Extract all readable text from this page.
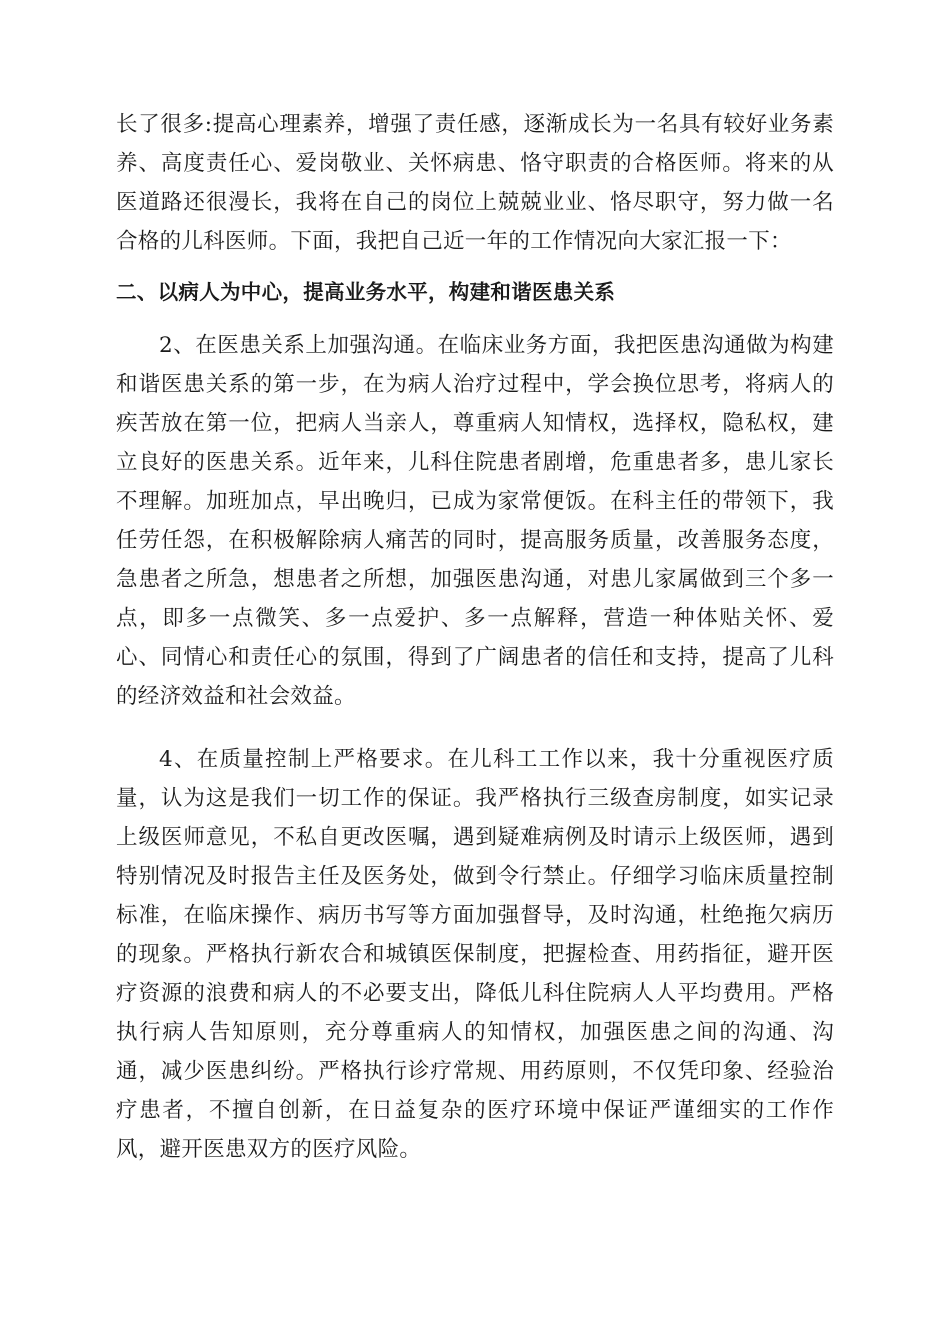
长了很多:提高心理素养，增强了责任感，逐渐成长为一名具有较好业务素养、高度责任心、爱岗敬业、关怀病患、恪守职责的合格医师。将来的从医道路还很漫长，我将在自己的岗位上兢兢业业、恪尽职守，努力做一名合格的儿科医师。下面，我把自己近一年的工作情况向大家汇报一下：

二、以病人为中心，提高业务水平，构建和谐医患关系

2、在医患关系上加强沟通。在临床业务方面，我把医患沟通做为构建和谐医患关系的第一步，在为病人治疗过程中，学会换位思考，将病人的疾苦放在第一位，把病人当亲人，尊重病人知情权，选择权，隐私权，建立良好的医患关系。近年来，儿科住院患者剧增，危重患者多，患儿家长不理解。加班加点，早出晚归，已成为家常便饭。在科主任的带领下，我任劳任怨，在积极解除病人痛苦的同时，提高服务质量，改善服务态度，急患者之所急，想患者之所想，加强医患沟通，对患儿家属做到三个多一点，即多一点微笑、多一点爱护、多一点解释，营造一种体贴关怀、爱心、同情心和责任心的氛围，得到了广阔患者的信任和支持，提高了儿科的经济效益和社会效益。

4、在质量控制上严格要求。在儿科工工作以来，我十分重视医疗质量，认为这是我们一切工作的保证。我严格执行三级查房制度，如实记录上级医师意见，不私自更改医嘱，遇到疑难病例及时请示上级医师，遇到特别情况及时报告主任及医务处，做到令行禁止。仔细学习临床质量控制标准，在临床操作、病历书写等方面加强督导，及时沟通，杜绝拖欠病历的现象。严格执行新农合和城镇医保制度，把握检查、用药指征，避开医疗资源的浪费和病人的不必要支出，降低儿科住院病人人平均费用。严格执行病人告知原则，充分尊重病人的知情权，加强医患之间的沟通、沟通，减少医患纠纷。严格执行诊疗常规、用药原则，不仅凭印象、经验治疗患者，不擅自创新，在日益复杂的医疗环境中保证严谨细实的工作作风，避开医患双方的医疗风险。
